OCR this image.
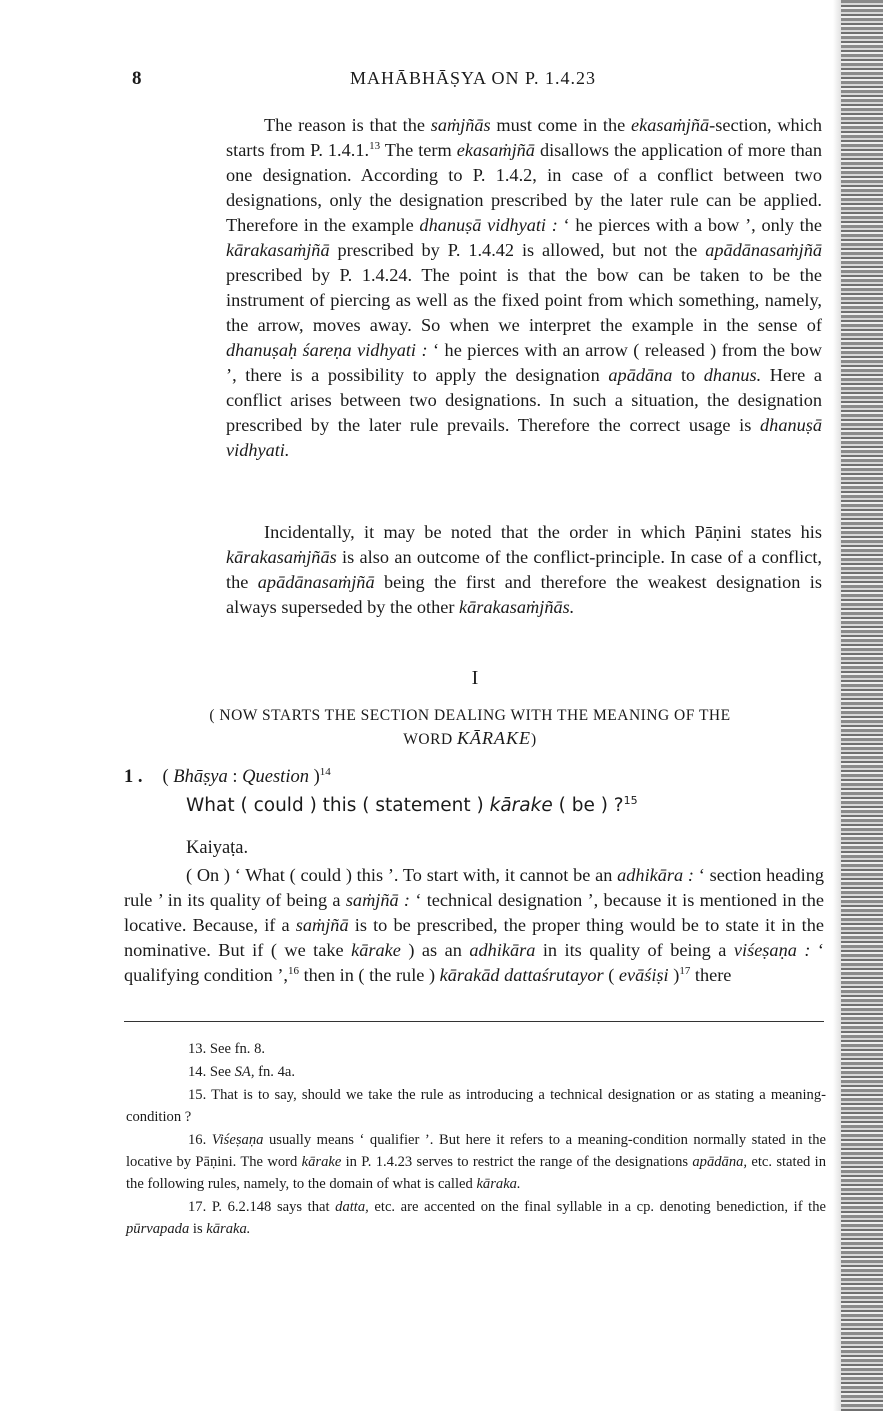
8	MAHĀBHĀṢYA ON P. 1.4.23

The reason is that the saṁjñās must come in the ekasaṁjñā-section, which starts from P. 1.4.1.13 The term ekasaṁjñā disallows the application of more than one designation. According to P. 1.4.2, in case of a conflict between two designations, only the designation prescribed by the later rule can be applied. Therefore in the example dhanuṣā vidhyati : ‘ he pierces with a bow ’, only the kārakasaṁjñā prescribed by P. 1.4.42 is allowed, but not the apādānasaṁjñā prescribed by P. 1.4.24. The point is that the bow can be taken to be the instrument of piercing as well as the fixed point from which something, namely, the arrow, moves away. So when we interpret the example in the sense of dhanuṣaḥ śareṇa vidhyati : ‘ he pierces with an arrow ( released ) from the bow ’, there is a possibility to apply the designation apādāna to dhanus. Here a conflict arises between two designations. In such a situation, the designation prescribed by the later rule prevails. Therefore the correct usage is dhanuṣā vidhyati.

Incidentally, it may be noted that the order in which Pāṇini states his kārakasaṁjñās is also an outcome of the conflict-principle. In case of a conflict, the apādānasaṁjñā being the first and therefore the weakest designation is always superseded by the other kārakasaṁjñās.

I
( NOW STARTS THE SECTION DEALING WITH THE MEANING OF THE
WORD KĀRAKE)
1 . ( Bhāṣya : Question )$^{14}$
What ( could ) this ( statement ) kārake ( be ) ?$^{15}$
Kaiyaṭa.

( On ) ‘ What ( could ) this ’. To start with, it cannot be an adhikāra : ‘ section heading rule ’ in its quality of being a saṁjñā : ‘ technical designation ’, because it is mentioned in the locative. Because, if a saṁjñā is to be prescribed, the proper thing would be to state it in the nominative. But if ( we take kārake ) as an adhikāra in its quality of being a viśeṣaṇa : ‘ qualifying condition ’,$^{16}$ then in ( the rule ) kārakād dattaśrutayor ( evāśiṣi )$^{17}$ there

13. See fn. 8.

14. See SA, fn. 4a.

15. That is to say, should we take the rule as introducing a technical designation or as stating a meaning-condition ?

16. Viśeṣaṇa usually means ‘ qualifier ’. But here it refers to a meaning-condition normally stated in the locative by Pāṇini. The word kārake in P. 1.4.23 serves to restrict the range of the designations apādāna, etc. stated in the following rules, namely, to the domain of what is called kāraka.

17. P. 6.2.148 says that datta, etc. are accented on the final syllable in a cp. denoting benediction, if the pūrvapada is kāraka.
